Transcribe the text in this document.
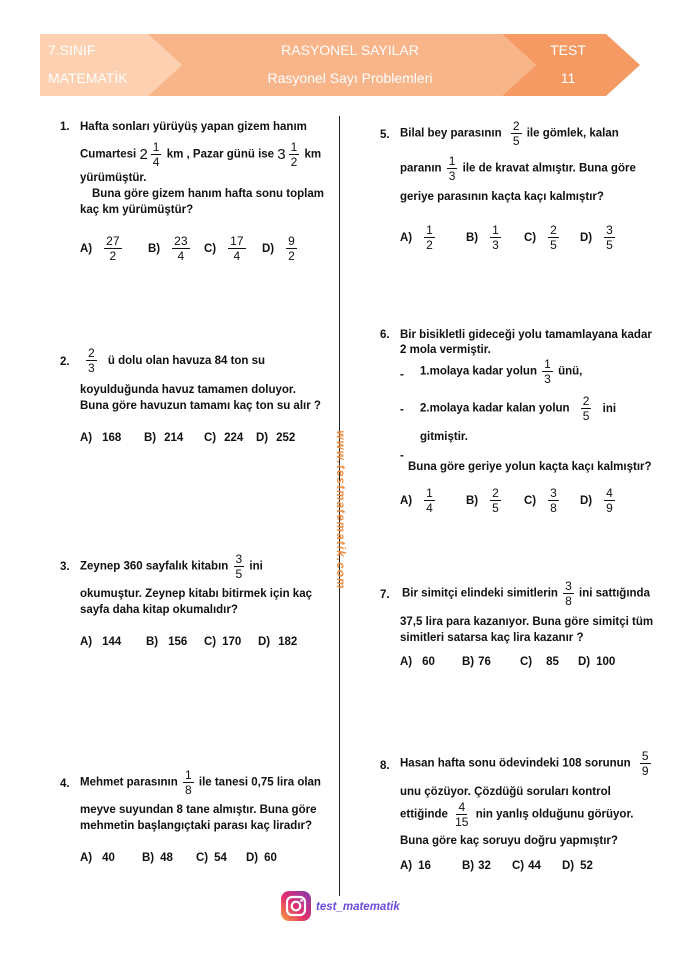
7.SINIF
MATEMATİK
RASYONEL SAYILAR
Rasyonel Sayı Problemleri
TEST
11
www.testmatematik.com
1. Hafta sonları yürüyüş yapan gizem hanım
Cumartesi $2 \frac{1}{4}$ km , Pazar günü ise $3 \frac{1}{2}$ km
yürümüştür.
Buna göre gizem hanım hafta sonu toplam
kaç km yürümüştür?
$A) \frac{27}{2} B) \frac{23}{4} C) \frac{17}{4} D) \frac{9}{2}$
2. $\frac{2}{3}$ ü dolu olan havuza 84 ton su
koyulduğunda havuz tamamen doluyor.
Buna göre havuzun tamamı kaç ton su alır ?
A) 168 B) 214 C) 224 D) 252
3. Zeynep 360 sayfalık kitabın $\frac{3}{5}$ ini
okumuştur. Zeynep kitabı bitirmek için kaç
sayfa daha kitap okumalıdır?
A) 144 B) 156 C) 170 D) 182
4. Mehmet parasının $\frac{1}{8}$ ile tanesi 0,75 lira olan
meyve suyundan 8 tane almıştır. Buna göre
mehmetin başlangıçtaki parası kaç liradır?
A) 40 B) 48 C) 54 D) 60
5. Bilal bey parasının $\frac{2}{5}$ ile gömlek, kalan
paranın $\frac{1}{3}$ ile de kravat almıştır. Buna göre
geriye parasının kaçta kaçı kalmıştır?
$A) \frac{1}{2}$	$B) \frac{1}{3} C) \frac{2}{5} D) \frac{3}{5}$
6. Bir bisikletli gideceği yolu tamamlayana kadar
2 mola vermiştir.
- 1.molaya kadar yolun $\frac{1}{3}$ ünü,
- 2.molaya kadar kalan yolun $\frac{2}{5}$ ini
gitmiştir.
-
Buna göre geriye yolun kaçta kaçı kalmıştır?
$A) \frac{1}{4}$	$B) \frac{2}{5} C) \frac{3}{8} D) \frac{4}{9}$
7. Bir simitçi elindeki simitlerin $\frac{3}{8}$ ini sattığında
37,5 lira para kazanıyor. Buna göre simitçi tüm
simitleri satarsa kaç lira kazanır ?
A) 60 B) 76	C) 85 D) 100
8. Hasan hafta sonu ödevindeki 108 sorunun $\frac{5}{9}$
unu çözüyor. Çözdüğü soruları kontrol
ettiğinde $\frac{4}{15}$ nin yanlış olduğunu görüyor.
Buna göre kaç soruyu doğru yapmıştır?
A) 16	B) 32 C) 44 D) 52
test_matematik
